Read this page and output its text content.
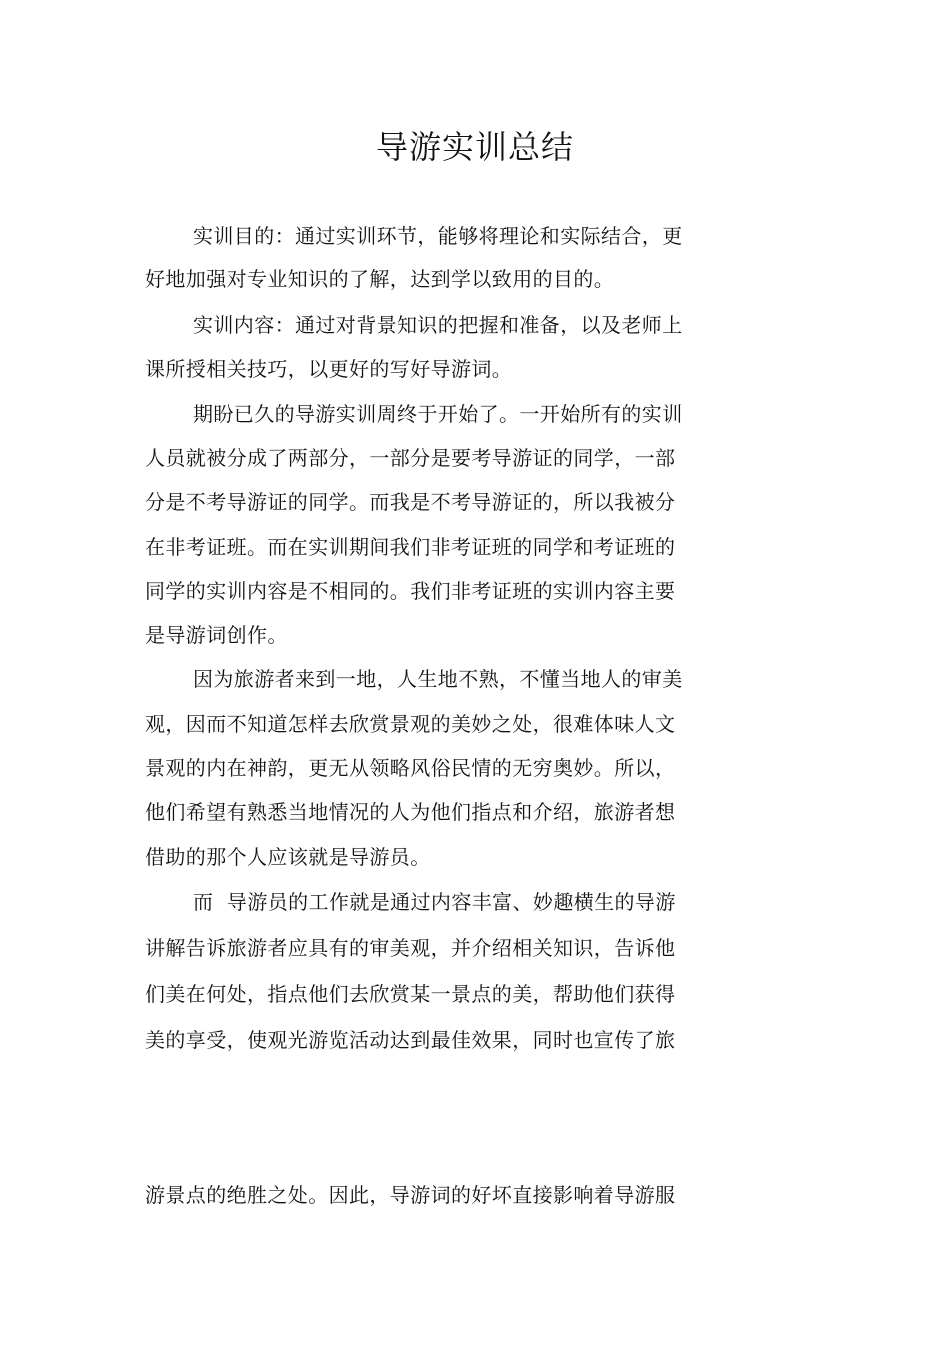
导游实训总结
实训目的：通过实训环节，能够将理论和实际结合，更
好地加强对专业知识的了解，达到学以致用的目的。
实训内容：通过对背景知识的把握和准备，以及老师上
课所授相关技巧，以更好的写好导游词。
期盼已久的导游实训周终于开始了。一开始所有的实训
人员就被分成了两部分，一部分是要考导游证的同学，一部
分是不考导游证的同学。而我是不考导游证的，所以我被分
在非考证班。而在实训期间我们非考证班的同学和考证班的
同学的实训内容是不相同的。我们非考证班的实训内容主要
是导游词创作。
因为旅游者来到一地，人生地不熟，不懂当地人的审美
观，因而不知道怎样去欣赏景观的美妙之处，很难体味人文
景观的内在神韵，更无从领略风俗民情的无穷奥妙。所以，
他们希望有熟悉当地情况的人为他们指点和介绍，旅游者想
借助的那个人应该就是导游员。
而  导游员的工作就是通过内容丰富、妙趣横生的导游
讲解告诉旅游者应具有的审美观，并介绍相关知识，告诉他
们美在何处，指点他们去欣赏某一景点的美，帮助他们获得
美的享受，使观光游览活动达到最佳效果，同时也宣传了旅
游景点的绝胜之处。因此，导游词的好坏直接影响着导游服
